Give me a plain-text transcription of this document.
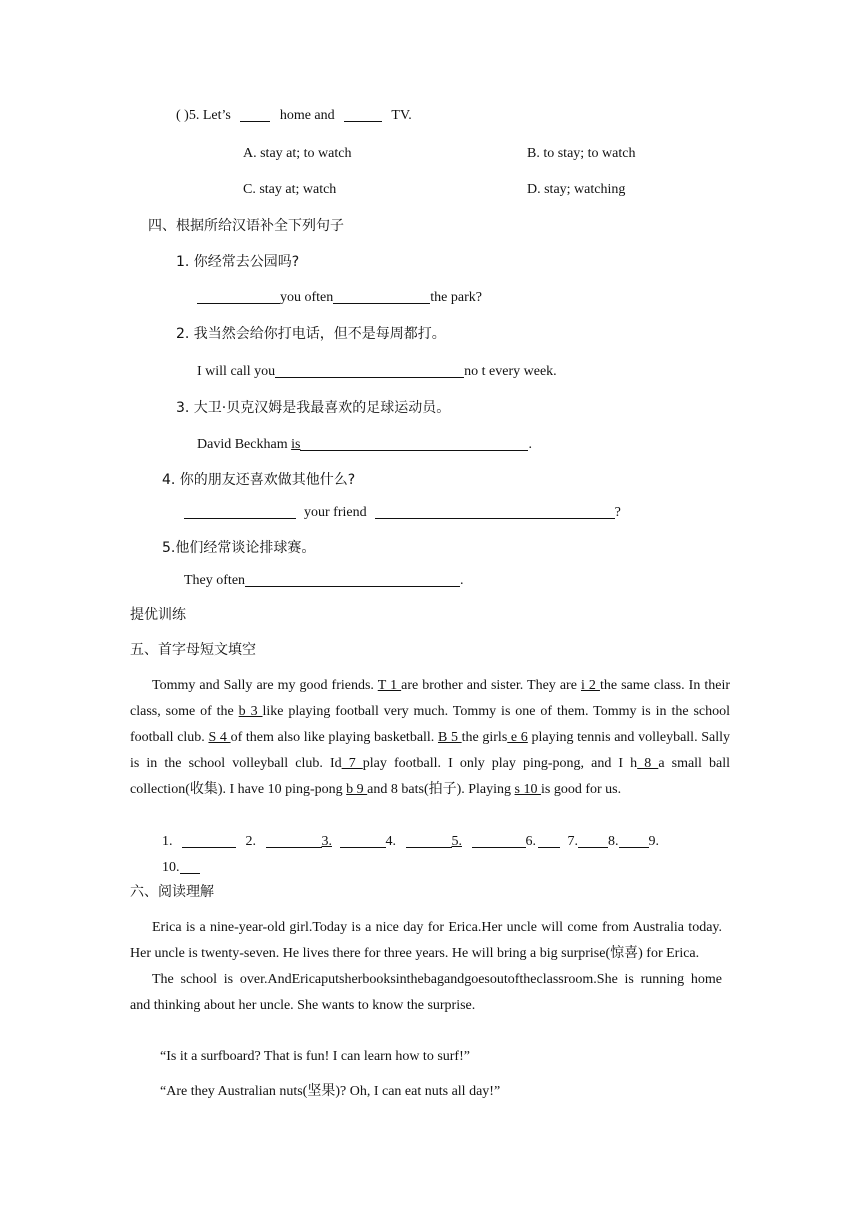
( )5. Let’s	home and	TV.
A. stay at; to watch	B. to stay; to watch
C. stay at; watch	D. stay; watching
四、根据所给汉语补全下列句子
1. 你经常去公园吗?
you often	the park?
2. 我当然会给你打电话，但不是每周都打。
I will call you	no t every week.
3. 大卫·贝克汉姆是我最喜欢的足球运动员。
David Beckham is	.
4. 你的朋友还喜欢做其他什么?
your friend	?
5.他们经常谈论排球赛。
They often	.
提优训练
五、首字母短文填空

Tommy and Sally are my good friends. T 1 are brother and sister. They are i 2 the same class. In their class, some of the b 3 like playing football very much. Tommy is one of them. Tommy is in the school football club. S 4 of them also like playing basketball. B 5 the girls e 6 playing tennis and volleyball. Sally is in the school volleyball club. Id 7 play football. I only play ping-pong, and I h 8 a small ball collection(收集). I have 10 ping-pong b 9 and 8 bats(拍子). Playing s 10 is good for us.

1.	2.	3.	4.	5.	6. 7. 8. 9.
10.
六、阅读理解

Erica is a nine-year-old girl.Today is a nice day for Erica.Her uncle will come from Australia today. Her uncle is twenty-seven. He lives there for three years. He will bring a big surprise(惊喜) for Erica.

The school is over.AndEricaputsherbooksinthebagandgoesoutoftheclassroom.She is running home and thinking about her uncle. She wants to know the surprise.

“Is it a surfboard? That is fun! I can learn how to surf!”
“Are they Australian nuts(坚果)? Oh, I can eat nuts all day!”
